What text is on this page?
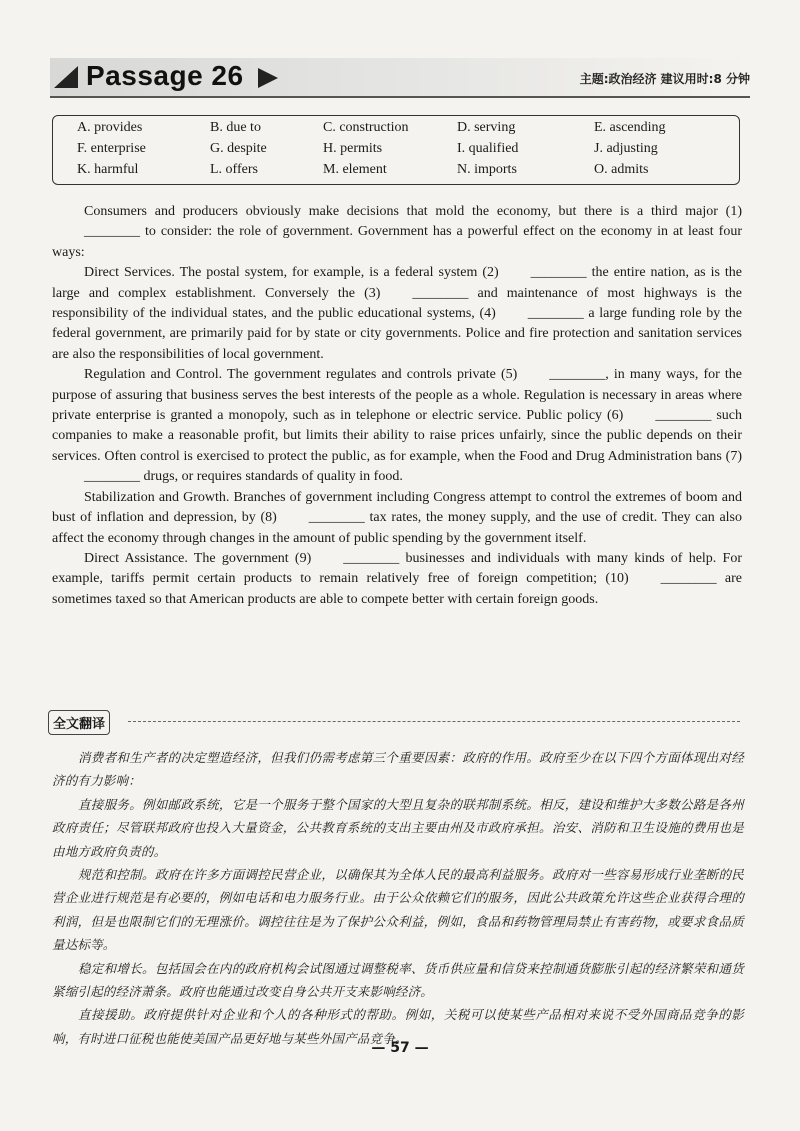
Passage 26	主题:政治经济 建议用时:8 分钟
A. provides	B. due to	C. construction	D. serving	E. ascending
F. enterprise	G. despite	H. permits	I. qualified	J. adjusting
K. harmful	L. offers	M. element	N. imports	O. admits

Consumers and producers obviously make decisions that mold the economy, but there is a third major (1)________ to consider: the role of government. Government has a powerful effect on the economy in at least four ways:

Direct Services. The postal system, for example, is a federal system (2) ________ the entire nation, as is the large and complex establishment. Conversely the (3) ________ and maintenance of most highways is the responsibility of the individual states, and the public educational systems, (4) ________ a large funding role by the federal government, are primarily paid for by state or city governments. Police and fire protection and sanitation services are also the responsibilities of local government.

Regulation and Control. The government regulates and controls private (5) ________, in many ways, for the purpose of assuring that business serves the best interests of the people as a whole. Regulation is necessary in areas where private enterprise is granted a monopoly, such as in telephone or electric service. Public policy (6) ________ such companies to make a reasonable profit, but limits their ability to raise prices unfairly, since the public depends on their services. Often control is exercised to protect the public, as for example, when the Food and Drug Administration bans (7)________ drugs, or requires standards of quality in food.

Stabilization and Growth. Branches of government including Congress attempt to control the extremes of boom and bust of inflation and depression, by (8) ________ tax rates, the money supply, and the use of credit. They can also affect the economy through changes in the amount of public spending by the government itself.

Direct Assistance. The government (9) ________ businesses and individuals with many kinds of help. For example, tariffs permit certain products to remain relatively free of foreign competition; (10) ________ are sometimes taxed so that American products are able to compete better with certain foreign goods.

全文翻译

消费者和生产者的决定塑造经济，但我们仍需考虑第三个重要因素：政府的作用。政府至少在以下四个方面体现出对经济的有力影响：

直接服务。例如邮政系统，它是一个服务于整个国家的大型且复杂的联邦制系统。相反，建设和维护大多数公路是各州政府责任；尽管联邦政府也投入大量资金，公共教育系统的支出主要由州及市政府承担。治安、消防和卫生设施的费用也是由地方政府负责的。

规范和控制。政府在许多方面调控民营企业，以确保其为全体人民的最高利益服务。政府对一些容易形成行业垄断的民营企业进行规范是有必要的，例如电话和电力服务行业。由于公众依赖它们的服务，因此公共政策允许这些企业获得合理的利润，但是也限制它们的无理涨价。调控往往是为了保护公众利益，例如，食品和药物管理局禁止有害药物，或要求食品质量达标等。

稳定和增长。包括国会在内的政府机构会试图通过调整税率、货币供应量和信贷来控制通货膨胀引起的经济繁荣和通货紧缩引起的经济萧条。政府也能通过改变自身公共开支来影响经济。

直接援助。政府提供针对企业和个人的各种形式的帮助。例如，关税可以使某些产品相对来说不受外国商品竞争的影响，有时进口征税也能使美国产品更好地与某些外国产品竞争。

— 57 —
